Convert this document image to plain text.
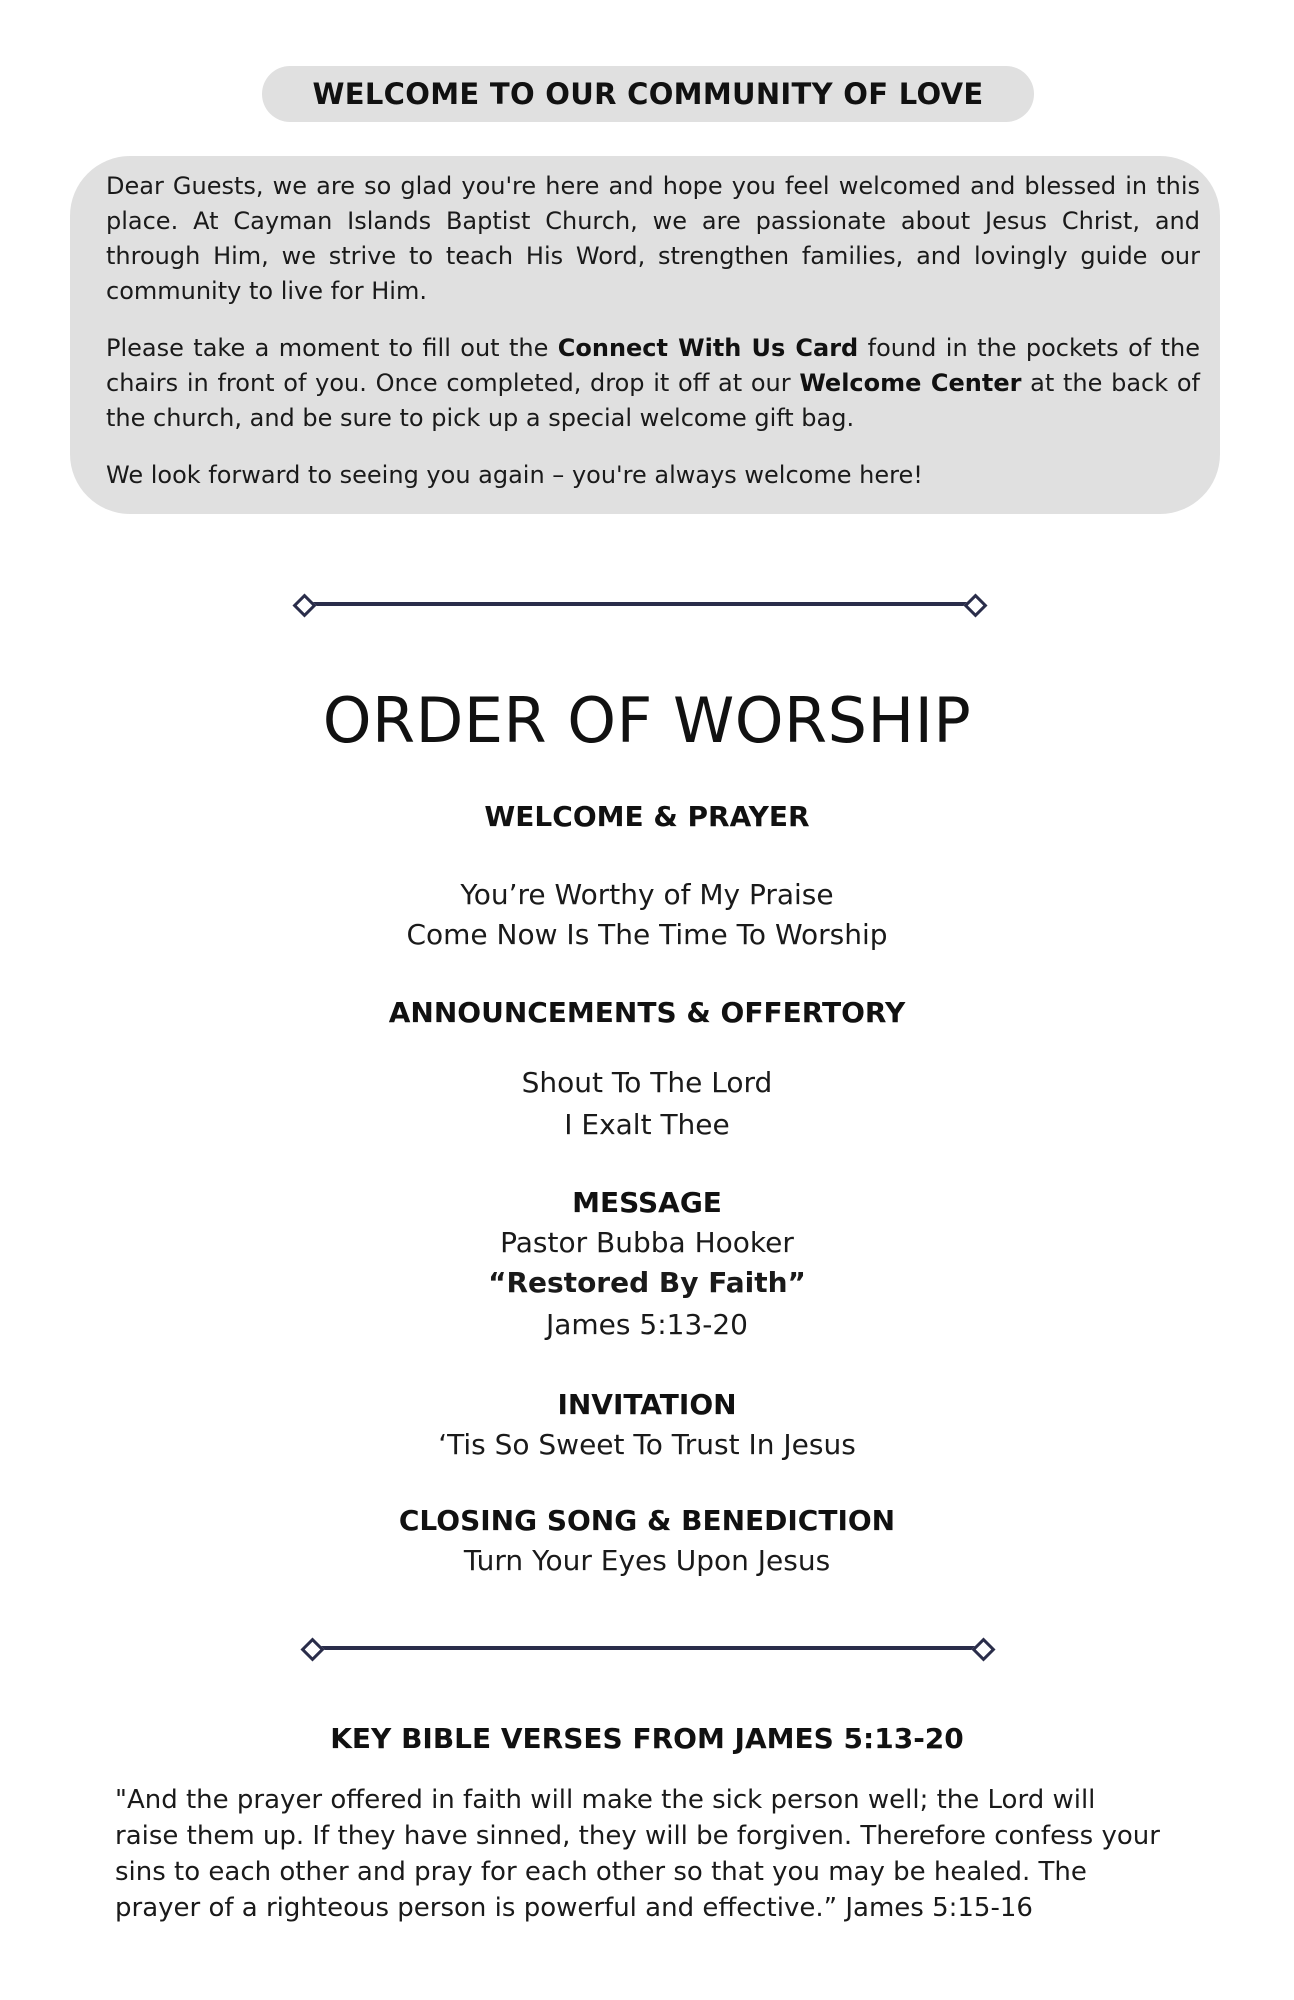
WELCOME TO OUR COMMUNITY OF LOVE

Dear Guests, we are so glad you're here and hope you feel welcomed and blessed in this place. At Cayman Islands Baptist Church, we are passionate about Jesus Christ, and through Him, we strive to teach His Word, strengthen families, and lovingly guide our community to live for Him.

Please take a moment to fill out the Connect With Us Card found in the pockets of the chairs in front of you. Once completed, drop it off at our Welcome Center at the back of the church, and be sure to pick up a special welcome gift bag.

We look forward to seeing you again – you're always welcome here!

ORDER OF WORSHIP
WELCOME & PRAYER
You’re Worthy of My Praise
Come Now Is The Time To Worship
ANNOUNCEMENTS & OFFERTORY
Shout To The Lord
I Exalt Thee
MESSAGE
Pastor Bubba Hooker
“Restored By Faith”
James 5:13-20
INVITATION
‘Tis So Sweet To Trust In Jesus
CLOSING SONG & BENEDICTION
Turn Your Eyes Upon Jesus
KEY BIBLE VERSES FROM JAMES 5:13-20
"And the prayer offered in faith will make the sick person well; the Lord will raise them up. If they have sinned, they will be forgiven. Therefore confess your sins to each other and pray for each other so that you may be healed. The prayer of a righteous person is powerful and effective.” James 5:15-16
